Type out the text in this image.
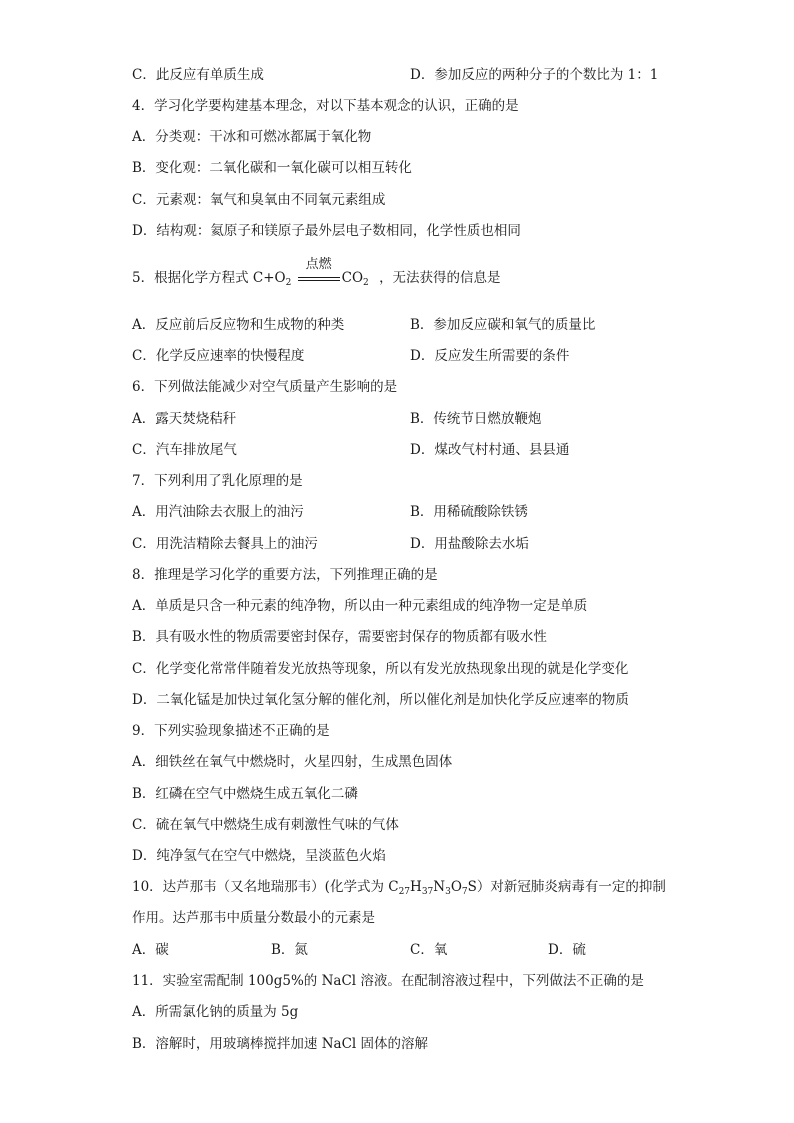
C．此反应有单质生成	D．参加反应的两种分子的个数比为 1：1
4．学习化学要构建基本理念，对以下基本观念的认识，正确的是
A．分类观：干冰和可燃冰都属于氧化物
B．变化观：二氧化碳和一氧化碳可以相互转化
C．元素观：氧气和臭氧由不同氧元素组成
D．结构观：氦原子和镁原子最外层电子数相同，化学性质也相同
5．根据化学方程式 $C+O_2$
点燃
$CO_2$ ，无法获得的信息是
A．反应前后反应物和生成物的种类	B．参加反应碳和氧气的质量比
C．化学反应速率的快慢程度	D．反应发生所需要的条件
6．下列做法能减少对空气质量产生影响的是
A．露天焚烧秸秆	B．传统节日燃放鞭炮
C．汽车排放尾气	D．煤改气村村通、县县通
7．下列利用了乳化原理的是
A．用汽油除去衣服上的油污	B．用稀硫酸除铁锈
C．用洗洁精除去餐具上的油污	D．用盐酸除去水垢
8．推理是学习化学的重要方法，下列推理正确的是
A．单质是只含一种元素的纯净物，所以由一种元素组成的纯净物一定是单质
B．具有吸水性的物质需要密封保存，需要密封保存的物质都有吸水性
C．化学变化常常伴随着发光放热等现象，所以有发光放热现象出现的就是化学变化
D．二氧化锰是加快过氧化氢分解的催化剂，所以催化剂是加快化学反应速率的物质
9．下列实验现象描述不正确的是
A．细铁丝在氧气中燃烧时，火星四射，生成黑色固体
B．红磷在空气中燃烧生成五氧化二磷
C．硫在氧气中燃烧生成有刺激性气味的气体
D．纯净氢气在空气中燃烧，呈淡蓝色火焰
10．达芦那韦（又名地瑞那韦）(化学式为 $C_{27}H_{37}N_3O_7S$）对新冠肺炎病毒有一定的抑制
作用。达芦那韦中质量分数最小的元素是
A．碳	B．氮	C．氧	D．硫
11．实验室需配制 100g5%的 NaCl 溶液。在配制溶液过程中，下列做法不正确的是
A．所需氯化钠的质量为 5g
B．溶解时，用玻璃棒搅拌加速 NaCl 固体的溶解
